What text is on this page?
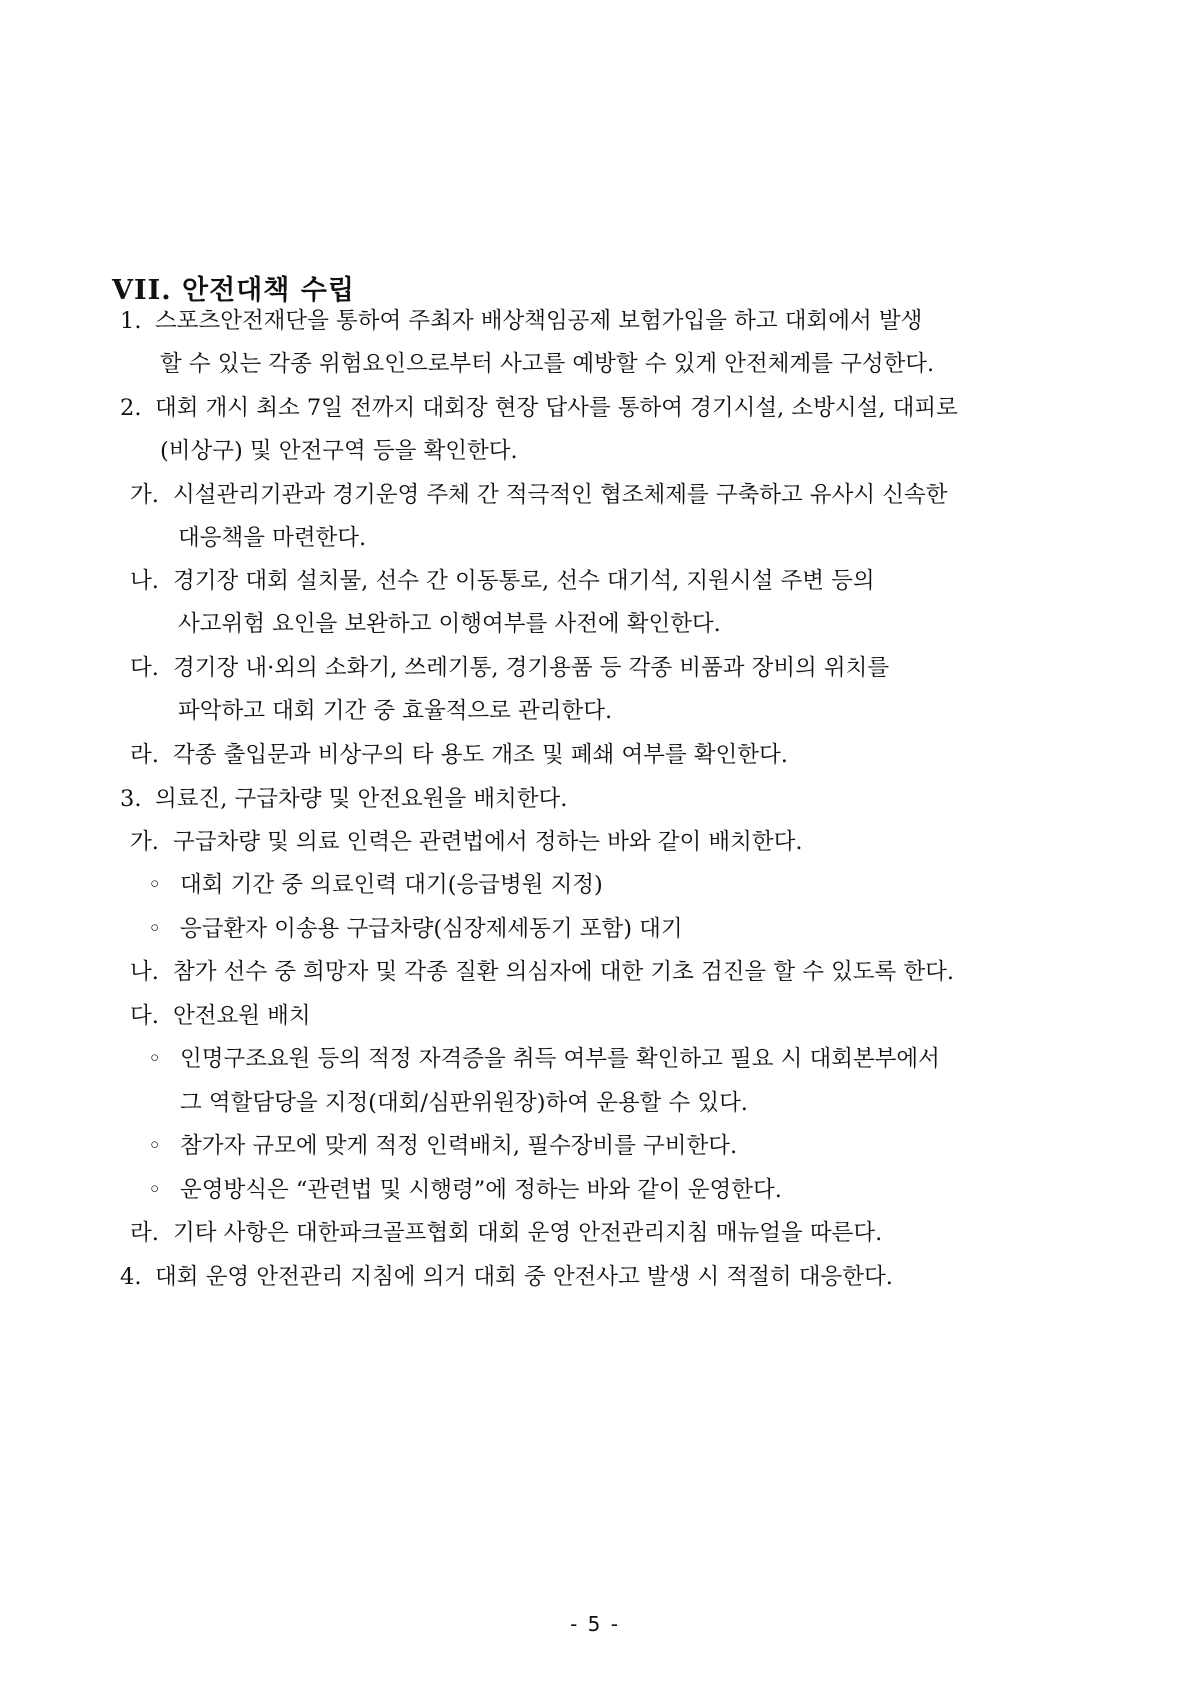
VII. 안전대책 수립
1. 스포츠안전재단을 통하여 주최자 배상책임공제 보험가입을 하고 대회에서 발생
할 수 있는 각종 위험요인으로부터 사고를 예방할 수 있게 안전체계를 구성한다.
2. 대회 개시 최소 7일 전까지 대회장 현장 답사를 통하여 경기시설, 소방시설, 대피로
(비상구) 및 안전구역 등을 확인한다.
가. 시설관리기관과 경기운영 주체 간 적극적인 협조체제를 구축하고 유사시 신속한
대응책을 마련한다.
나. 경기장 대회 설치물, 선수 간 이동통로, 선수 대기석, 지원시설 주변 등의
사고위험 요인을 보완하고 이행여부를 사전에 확인한다.
다. 경기장 내·외의 소화기, 쓰레기통, 경기용품 등 각종 비품과 장비의 위치를
파악하고 대회 기간 중 효율적으로 관리한다.
라. 각종 출입문과 비상구의 타 용도 개조 및 폐쇄 여부를 확인한다.
3. 의료진, 구급차량 및 안전요원을 배치한다.
가. 구급차량 및 의료 인력은 관련법에서 정하는 바와 같이 배치한다.
◦ 대회 기간 중 의료인력 대기(응급병원 지정)
◦ 응급환자 이송용 구급차량(심장제세동기 포함) 대기
나. 참가 선수 중 희망자 및 각종 질환 의심자에 대한 기초 검진을 할 수 있도록 한다.
다. 안전요원 배치
◦ 인명구조요원 등의 적정 자격증을 취득 여부를 확인하고 필요 시 대회본부에서
그 역할담당을 지정(대회/심판위원장)하여 운용할 수 있다.
◦ 참가자 규모에 맞게 적정 인력배치, 필수장비를 구비한다.
◦ 운영방식은 “관련법 및 시행령”에 정하는 바와 같이 운영한다.
라. 기타 사항은 대한파크골프협회 대회 운영 안전관리지침 매뉴얼을 따른다.
4. 대회 운영 안전관리 지침에 의거 대회 중 안전사고 발생 시 적절히 대응한다.
- 5 -
